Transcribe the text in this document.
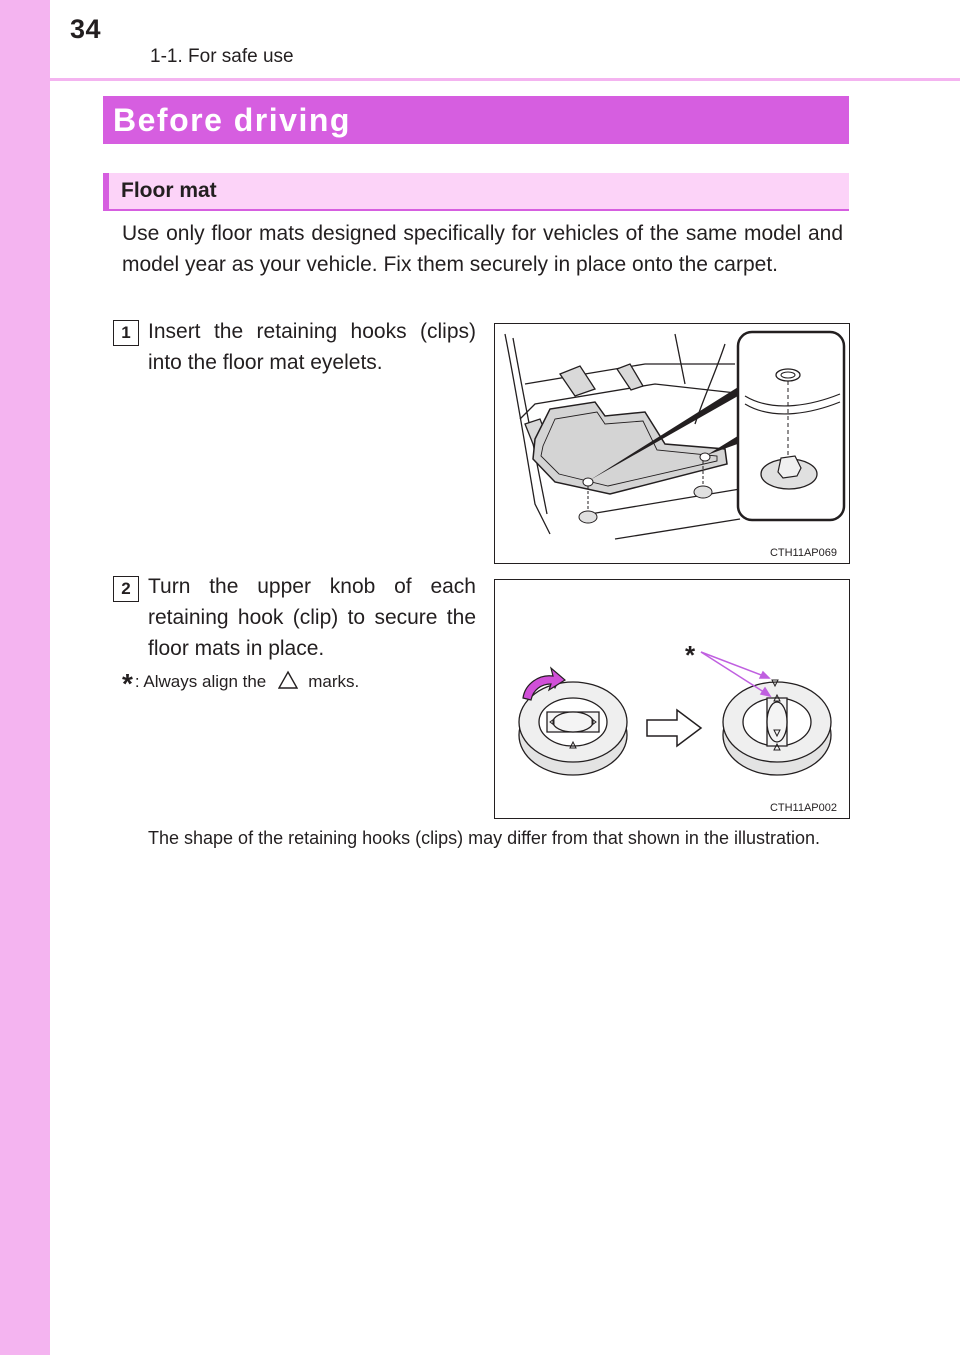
34
1-1. For safe use
Before driving
Floor mat

Use only floor mats designed specifically for vehicles of the same model and model year as your vehicle. Fix them securely in place onto the carpet.

1 Insert the retaining hooks (clips) into the floor mat eyelets.

CTH11AP069
2 Turn the upper knob of each retaining hook (clip) to secure the floor mats in place.

* : Always align the marks.
*
CTH11AP002

The shape of the retaining hooks (clips) may differ from that shown in the illustration.
